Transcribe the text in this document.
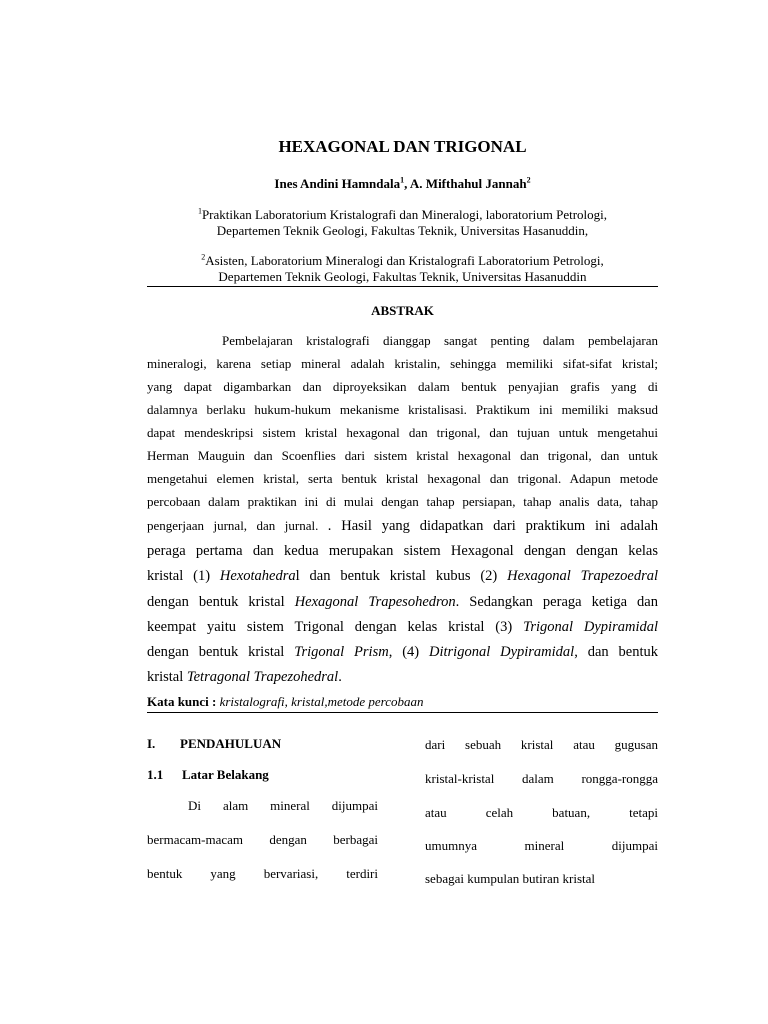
HEXAGONAL DAN TRIGONAL
Ines Andini Hamndala$^1$, A. Mifthahul Jannah$^2$
$^1$Praktikan Laboratorium Kristalografi dan Mineralogi, laboratorium Petrologi,
Departemen Teknik Geologi, Fakultas Teknik, Universitas Hasanuddin,
$^2$Asisten, Laboratorium Mineralogi dan Kristalografi Laboratorium Petrologi,
Departemen Teknik Geologi, Fakultas Teknik, Universitas Hasanuddin
ABSTRAK
Pembelajaran kristalografi dianggap sangat penting dalam pembelajaran
mineralogi, karena setiap mineral adalah kristalin, sehingga memiliki sifat-sifat kristal;
yang dapat digambarkan dan diproyeksikan dalam bentuk penyajian grafis yang di
dalamnya berlaku hukum-hukum mekanisme kristalisasi. Praktikum ini memiliki maksud
dapat mendeskripsi sistem kristal hexagonal dan trigonal, dan tujuan untuk mengetahui
Herman Mauguin dan Scoenflies dari sistem kristal hexagonal dan trigonal, dan untuk
mengetahui elemen kristal, serta bentuk kristal hexagonal dan trigonal. Adapun metode
percobaan dalam praktikan ini di mulai dengan tahap persiapan, tahap analis data, tahap
pengerjaan jurnal, dan jurnal. . Hasil yang didapatkan dari praktikum ini adalah
peraga pertama dan kedua merupakan sistem Hexagonal dengan dengan kelas
kristal (1) Hexotahedral dan bentuk kristal kubus (2) Hexagonal Trapezoedral
dengan bentuk kristal Hexagonal Trapesohedron. Sedangkan peraga ketiga dan
keempat yaitu sistem Trigonal dengan kelas kristal (3) Trigonal Dypiramidal
dengan bentuk kristal Trigonal Prism, (4) Ditrigonal Dypiramidal, dan bentuk
kristal Tetragonal Trapezohedral.
Kata kunci : kristalografi, kristal,metode percobaan
I. PENDAHULUAN
1.1 Latar Belakang
Di alam mineral dijumpai
bermacam-macam dengan berbagai
bentuk yang bervariasi, terdiri
dari sebuah kristal atau gugusan
kristal-kristal dalam rongga-rongga
atau celah batuan, tetapi
umumnya mineral dijumpai
sebagai kumpulan butiran kristal
